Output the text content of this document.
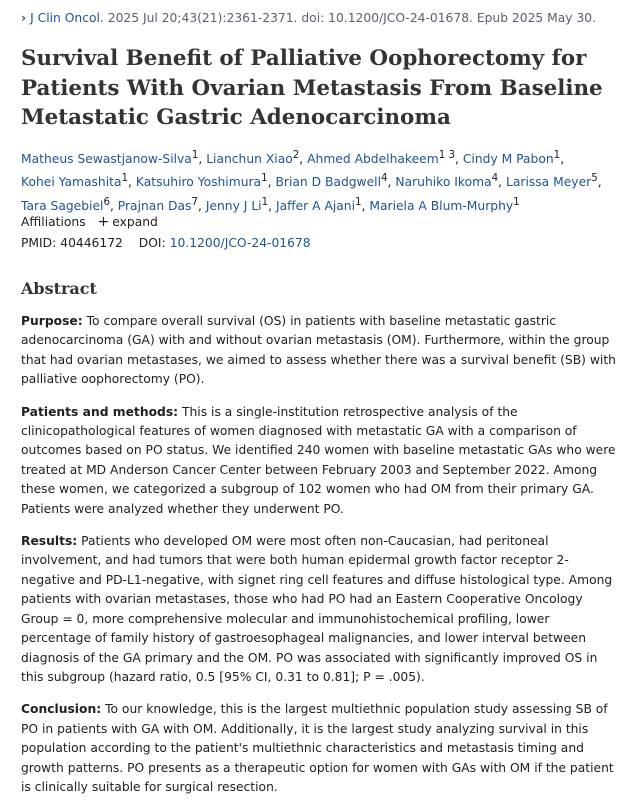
› J Clin Oncol. 2025 Jul 20;43(21):2361-2371. doi: 10.1200/JCO-24-01678. Epub 2025 May 30.
Survival Benefit of Palliative Oophorectomy for Patients With Ovarian Metastasis From Baseline Metastatic Gastric Adenocarcinoma
Matheus Sewastjanow-Silva$^1$, Lianchun Xiao$^2$, Ahmed Abdelhakeem$^{1 3}$, Cindy M Pabon$^1$,
Kohei Yamashita$^1$, Katsuhiro Yoshimura$^1$, Brian D Badgwell$^4$, Naruhiko Ikoma$^4$, Larissa Meyer$^5$,
Tara Sagebiel$^6$, Prajnan Das$^7$, Jenny J Li$^1$, Jaffer A Ajani$^1$, Mariela A Blum-Murphy$^1$
Affiliations + expand
PMID: 40446172 DOI: 10.1200/JCO-24-01678
Abstract

Purpose: To compare overall survival (OS) in patients with baseline metastatic gastric adenocarcinoma (GA) with and without ovarian metastasis (OM). Furthermore, within the group that had ovarian metastases, we aimed to assess whether there was a survival benefit (SB) with palliative oophorectomy (PO).

Patients and methods: This is a single-institution retrospective analysis of the clinicopathological features of women diagnosed with metastatic GA with a comparison of outcomes based on PO status. We identified 240 women with baseline metastatic GAs who were treated at MD Anderson Cancer Center between February 2003 and September 2022. Among these women, we categorized a subgroup of 102 women who had OM from their primary GA. Patients were analyzed whether they underwent PO.

Results: Patients who developed OM were most often non-Caucasian, had peritoneal involvement, and had tumors that were both human epidermal growth factor receptor 2-negative and PD-L1-negative, with signet ring cell features and diffuse histological type. Among patients with ovarian metastases, those who had PO had an Eastern Cooperative Oncology Group = 0, more comprehensive molecular and immunohistochemical profiling, lower percentage of family history of gastroesophageal malignancies, and lower interval between diagnosis of the GA primary and the OM. PO was associated with significantly improved OS in this subgroup (hazard ratio, 0.5 [95% CI, 0.31 to 0.81]; P = .005).

Conclusion: To our knowledge, this is the largest multiethnic population study assessing SB of PO in patients with GA with OM. Additionally, it is the largest study analyzing survival in this population according to the patient's multiethnic characteristics and metastasis timing and growth patterns. PO presents as a therapeutic option for women with GAs with OM if the patient is clinically suitable for surgical resection.
